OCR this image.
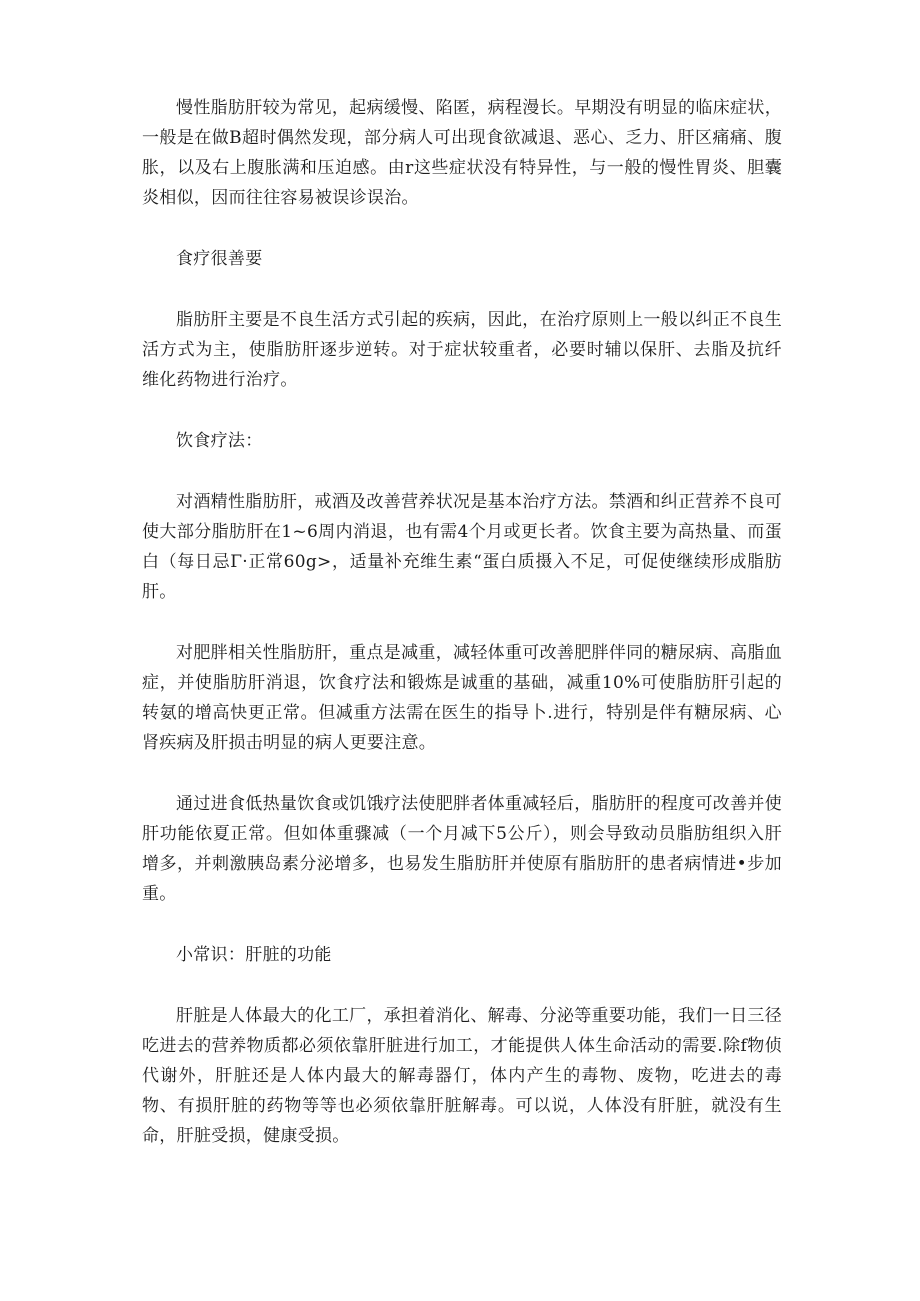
慢性脂肪肝较为常见，起病缓慢、陷匿，病程漫长。早期没有明显的临床症状，一般是在做B超时偶然发现，部分病人可出现食欲减退、恶心、乏力、肝区痛痛、腹胀，以及右上腹胀满和压迫感。由r这些症状没有特异性，与一般的慢性胃炎、胆囊炎相似，因而往往容易被误诊误治。

食疗很善要

脂肪肝主要是不良生活方式引起的疾病，因此，在治疗原则上一般以纠正不良生活方式为主，使脂肪肝逐步逆转。对于症状较重者，必要时辅以保肝、去脂及抗纤维化药物进行治疗。

饮食疗法：

对酒精性脂肪肝，戒酒及改善营养状况是基本治疗方法。禁酒和纠正营养不良可使大部分脂肪肝在1~6周内消退，也有需4个月或更长者。饮食主要为高热量、而蛋白（每日忌Γ·正常60g>，适量补充维生素“蛋白质摄入不足，可促使继续形成脂肪肝。

对肥胖相关性脂肪肝，重点是减重，减轻体重可改善肥胖伴同的糖尿病、高脂血症，并使脂肪肝消退，饮食疗法和锻炼是诚重的基础，减重10%可使脂肪肝引起的转氨的增高快更正常。但减重方法需在医生的指导卜.进行，特别是伴有糖尿病、心肾疾病及肝损击明显的病人更要注意。

通过进食低热量饮食或饥饿疗法使肥胖者体重减轻后，脂肪肝的程度可改善并使肝功能依夏正常。但如体重骤减（一个月减下5公斤），则会导致动员脂肪组织入肝增多，并刺激胰岛素分泌增多，也易发生脂肪肝并使原有脂肪肝的患者病情进•步加重。

小常识：肝脏的功能

肝脏是人体最大的化工厂，承担着消化、解毒、分泌等重要功能，我们一日三径吃进去的营养物质都必须依靠肝脏进行加工，才能提供人体生命活动的需要.除f物侦代谢外，肝脏还是人体内最大的解毒器仃，体内产生的毒物、废物，吃进去的毒物、有损肝脏的药物等等也必须依靠肝脏解毒。可以说，人体没有肝脏，就没有生命，肝脏受损，健康受损。
